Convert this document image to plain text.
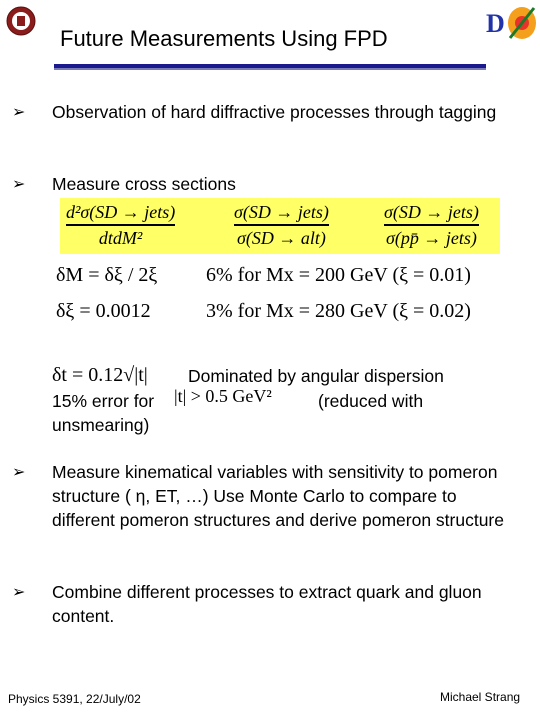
Future Measurements Using FPD
D
➢ Observation of hard diffractive processes through tagging
➢ Measure cross sections
d²σ(SD → jets)
dtdM²
σ(SD → jets)
σ(SD → alt)
σ(SD → jets)
σ(pp̄ → jets)
δM = δξ / 2ξ
δξ = 0.0012
6% for Mx = 200 GeV (ξ = 0.01)
3% for Mx = 280 GeV (ξ = 0.02)
δt = 0.12√|t| Dominated by angular dispersion
15% error for |t| > 0.5 GeV²	(reduced with
unsmearing)
➢ Measure kinematical variables with sensitivity to pomeron structure ( η, ET, …) Use Monte Carlo to compare to different pomeron structures and derive pomeron structure
➢ Combine different processes to extract quark and gluon content.
Physics 5391, 22/July/02	Michael Strang
